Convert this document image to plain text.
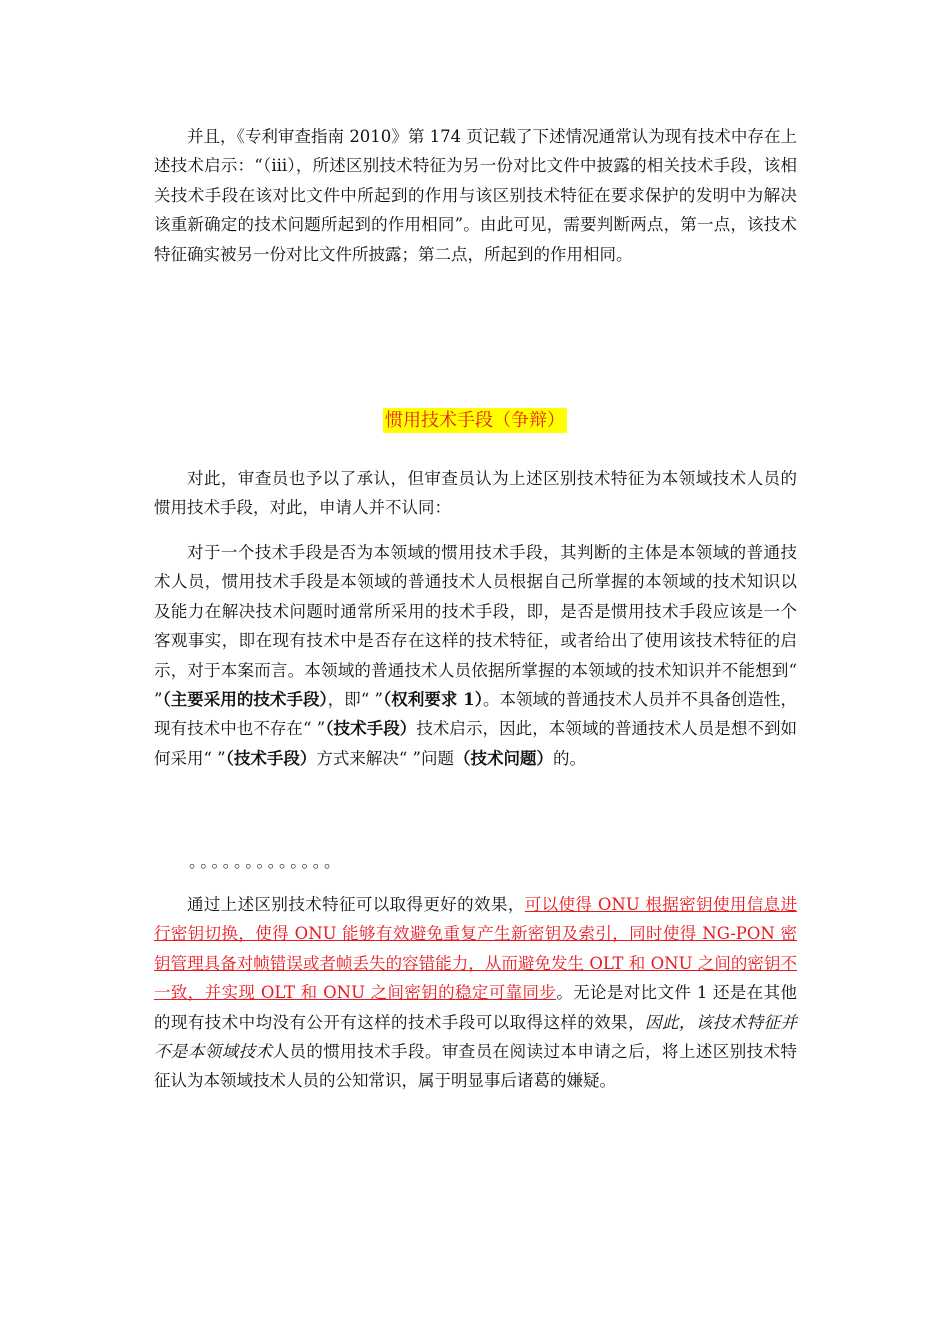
并且，《专利审查指南 2010》第 174 页记载了下述情况通常认为现有技术中存在上述技术启示：“（iii），所述区别技术特征为另一份对比文件中披露的相关技术手段，该相关技术手段在该对比文件中所起到的作用与该区别技术特征在要求保护的发明中为解决该重新确定的技术问题所起到的作用相同”。由此可见，需要判断两点，第一点，该技术特征确实被另一份对比文件所披露；第二点，所起到的作用相同。

惯用技术手段（争辩）

对此，审查员也予以了承认，但审查员认为上述区别技术特征为本领域技术人员的惯用技术手段，对此，申请人并不认同：

对于一个技术手段是否为本领域的惯用技术手段，其判断的主体是本领域的普通技术人员，惯用技术手段是本领域的普通技术人员根据自己所掌握的本领域的技术知识以及能力在解决技术问题时通常所采用的技术手段，即，是否是惯用技术手段应该是一个客观事实，即在现有技术中是否存在这样的技术特征，或者给出了使用该技术特征的启示，对于本案而言。本领域的普通技术人员依据所掌握的本领域的技术知识并不能想到“ ”（主要采用的技术手段），即“ ”（权利要求 1）。本领域的普通技术人员并不具备创造性，现有技术中也不存在“ ”（技术手段）技术启示，因此，本领域的普通技术人员是想不到如何采用“ ”（技术手段）方式来解决“ ”问题（技术问题）的。

。。。。。。。。。。。。。

通过上述区别技术特征可以取得更好的效果，可以使得 ONU 根据密钥使用信息进行密钥切换，使得 ONU 能够有效避免重复产生新密钥及索引，同时使得 NG-PON 密钥管理具备对帧错误或者帧丢失的容错能力，从而避免发生 OLT 和 ONU 之间的密钥不一致，并实现 OLT 和 ONU 之间密钥的稳定可靠同步。无论是对比文件 1 还是在其他的现有技术中均没有公开有这样的技术手段可以取得这样的效果，因此，该技术特征并不是本领域技术人员的惯用技术手段。审查员在阅读过本申请之后，将上述区别技术特征认为本领域技术人员的公知常识，属于明显事后诸葛的嫌疑。
